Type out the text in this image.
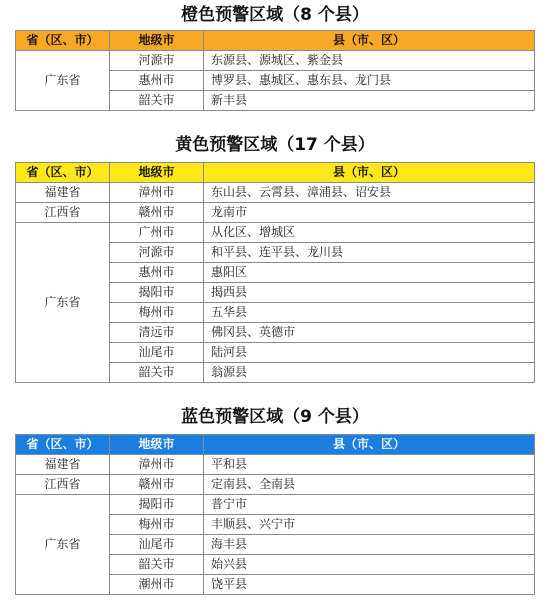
橙色预警区域（8 个县）
省（区、市）	地级市	县（市、区）
广东省	河源市	东源县、源城区、紫金县
	惠州市	博罗县、惠城区、惠东县、龙门县
	韶关市	新丰县
黄色预警区域（17 个县）
省（区、市）	地级市	县（市、区）
福建省	漳州市	东山县、云霄县、漳浦县、诏安县
江西省	赣州市	龙南市
广东省	广州市	从化区、增城区
	河源市	和平县、连平县、龙川县
	惠州市	惠阳区
	揭阳市	揭西县
	梅州市	五华县
	清远市	佛冈县、英德市
	汕尾市	陆河县
	韶关市	翁源县
蓝色预警区域（9 个县）
省（区、市）	地级市	县（市、区）
福建省	漳州市	平和县
江西省	赣州市	定南县、全南县
广东省	揭阳市	普宁市
	梅州市	丰顺县、兴宁市
	汕尾市	海丰县
	韶关市	始兴县
	潮州市	饶平县
